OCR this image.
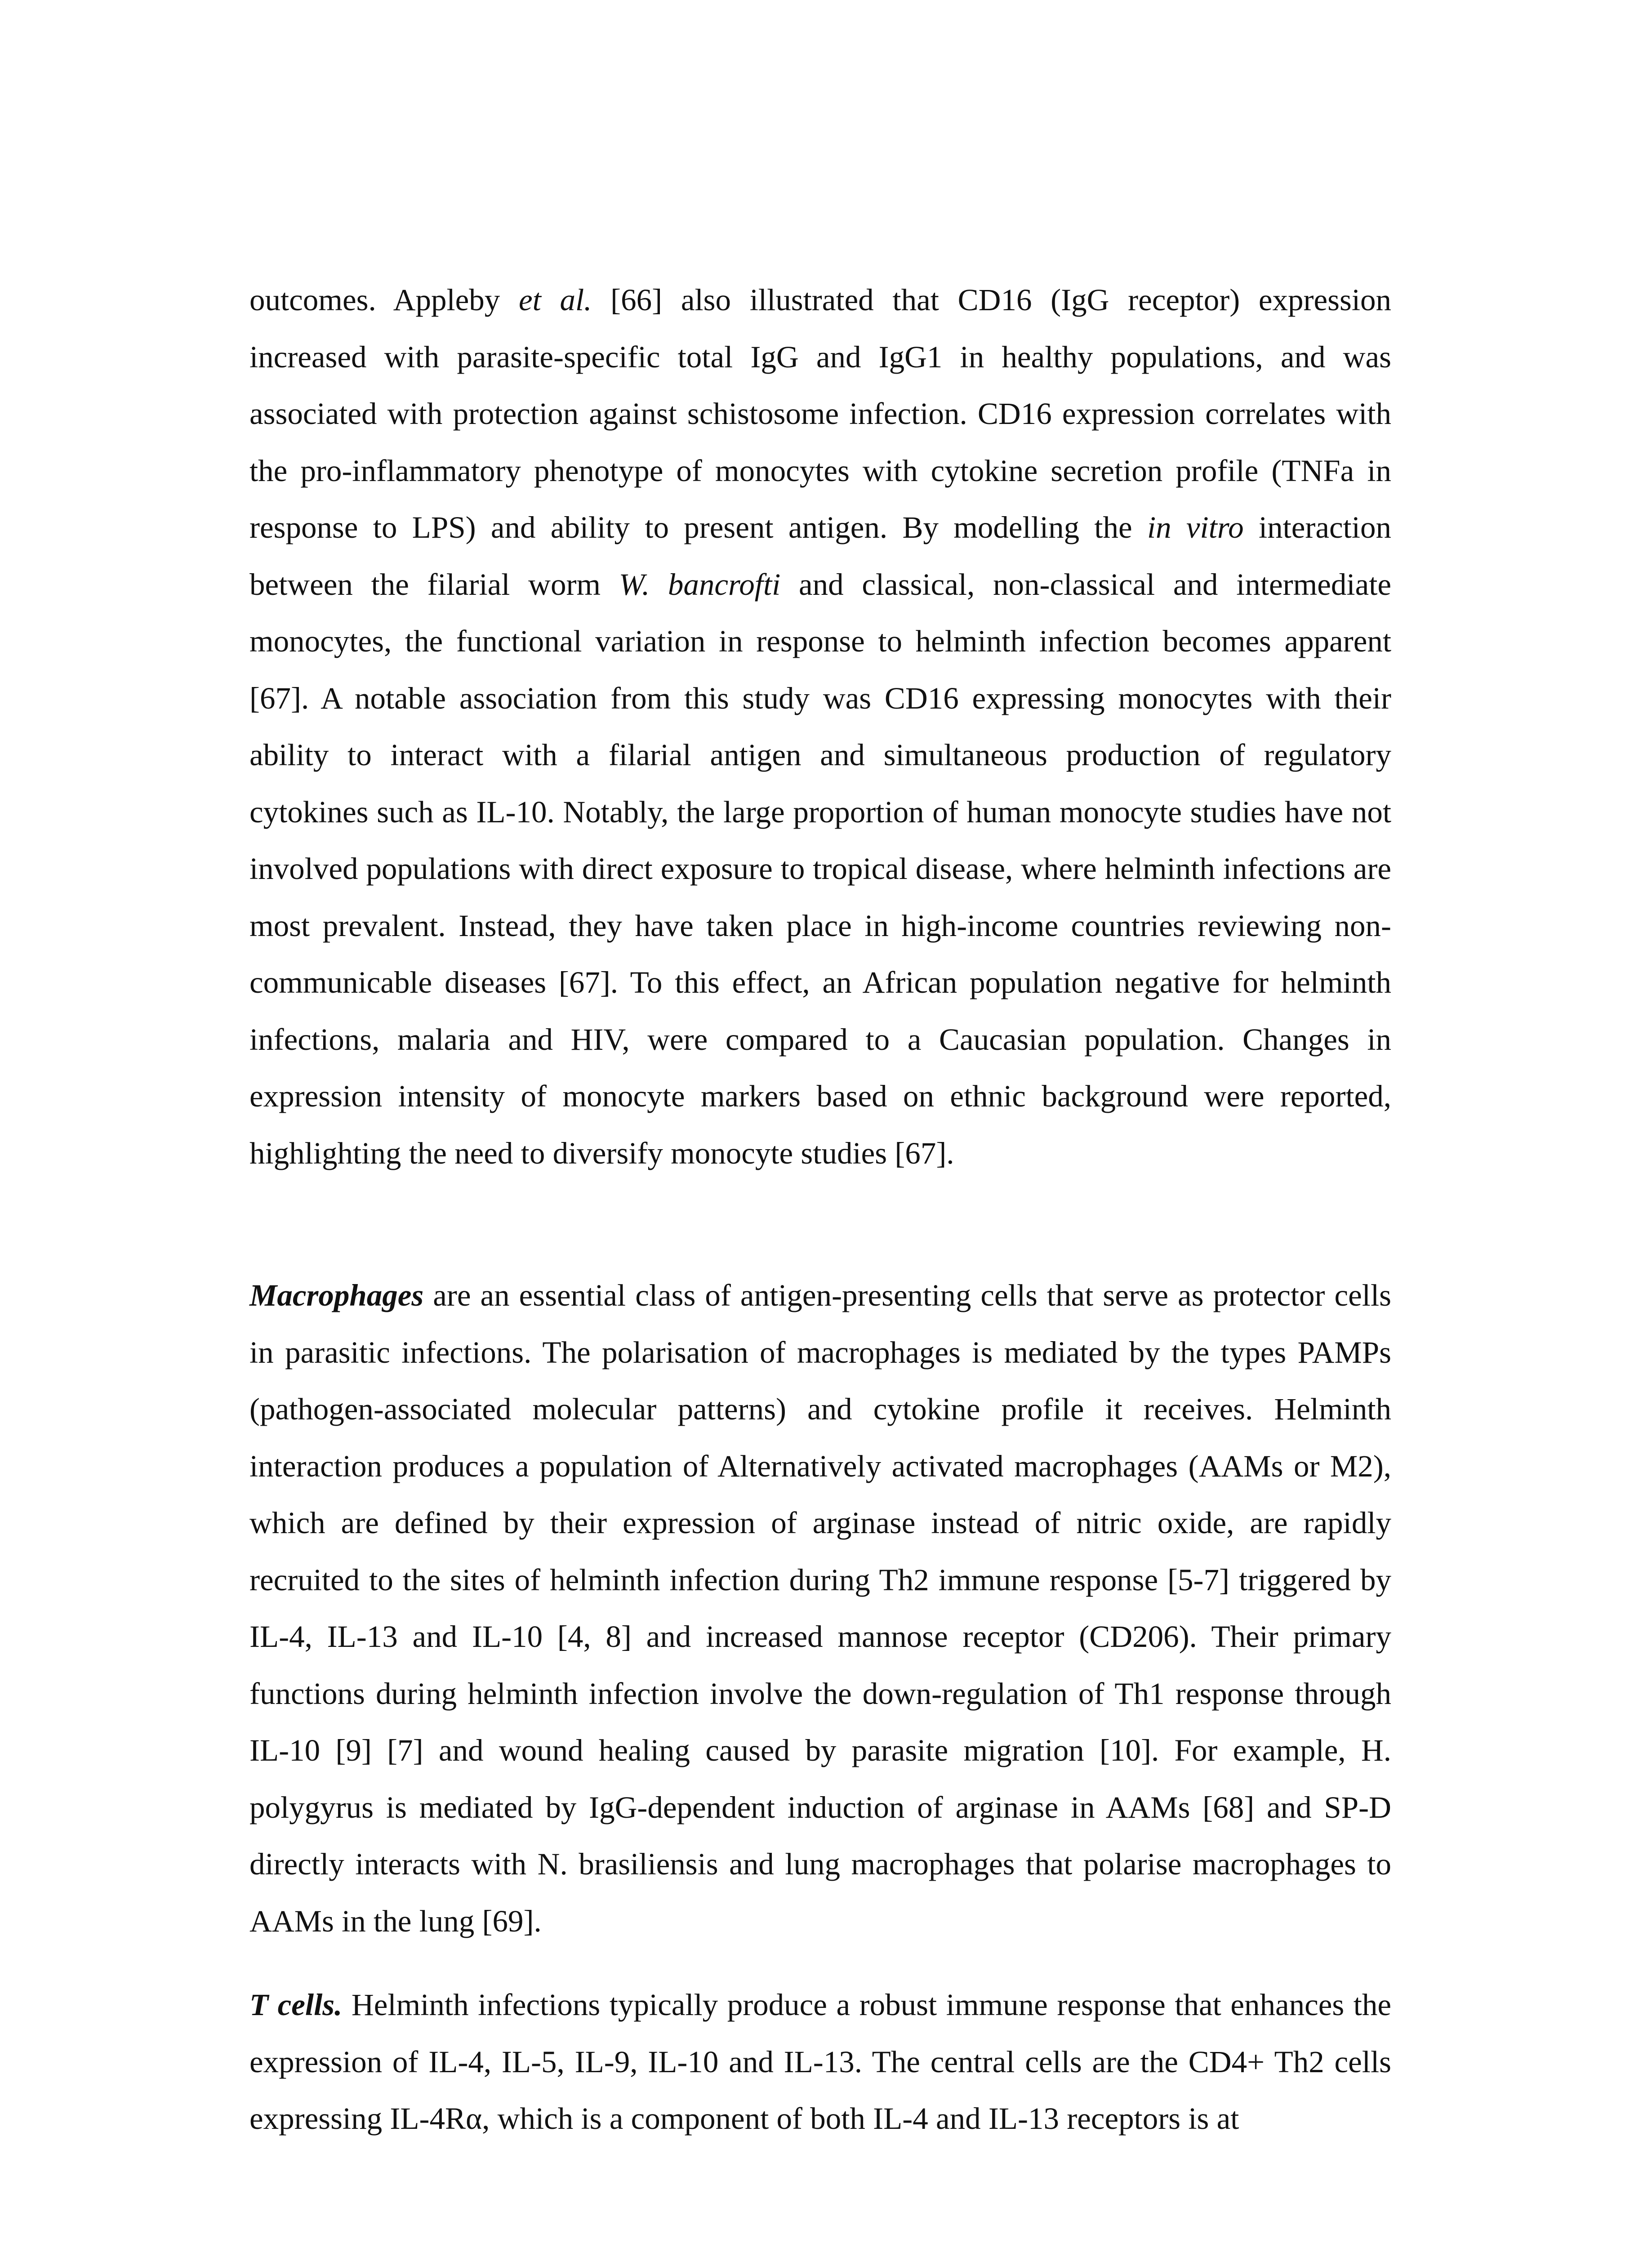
outcomes. Appleby et al. [66] also illustrated that CD16 (IgG receptor) expression increased with parasite-specific total IgG and IgG1 in healthy populations, and was associated with protection against schistosome infection. CD16 expression correlates with the pro-inflammatory phenotype of monocytes with cytokine secretion profile (TNFa in response to LPS) and ability to present antigen. By modelling the in vitro interaction between the filarial worm W. bancrofti and classical, non-classical and intermediate monocytes, the functional variation in response to helminth infection becomes apparent [67]. A notable association from this study was CD16 expressing monocytes with their ability to interact with a filarial antigen and simultaneous production of regulatory cytokines such as IL-10. Notably, the large proportion of human monocyte studies have not involved populations with direct exposure to tropical disease, where helminth infections are most prevalent. Instead, they have taken place in high-income countries reviewing non-communicable diseases [67]. To this effect, an African population negative for helminth infections, malaria and HIV, were compared to a Caucasian population. Changes in expression intensity of monocyte markers based on ethnic background were reported, highlighting the need to diversify monocyte studies [67].

Macrophages are an essential class of antigen-presenting cells that serve as protector cells in parasitic infections. The polarisation of macrophages is mediated by the types PAMPs (pathogen-associated molecular patterns) and cytokine profile it receives. Helminth interaction produces a population of Alternatively activated macrophages (AAMs or M2), which are defined by their expression of arginase instead of nitric oxide, are rapidly recruited to the sites of helminth infection during Th2 immune response [5-7] triggered by IL-4, IL-13 and IL-10 [4, 8] and increased mannose receptor (CD206). Their primary functions during helminth infection involve the down-regulation of Th1 response through IL-10 [9] [7] and wound healing caused by parasite migration [10]. For example, H. polygyrus is mediated by IgG-dependent induction of arginase in AAMs [68] and SP-D directly interacts with N. brasiliensis and lung macrophages that polarise macrophages to AAMs in the lung [69].

T cells. Helminth infections typically produce a robust immune response that enhances the expression of IL-4, IL-5, IL-9, IL-10 and IL-13. The central cells are the CD4+ Th2 cells expressing IL-4Rα, which is a component of both IL-4 and IL-13 receptors is at
